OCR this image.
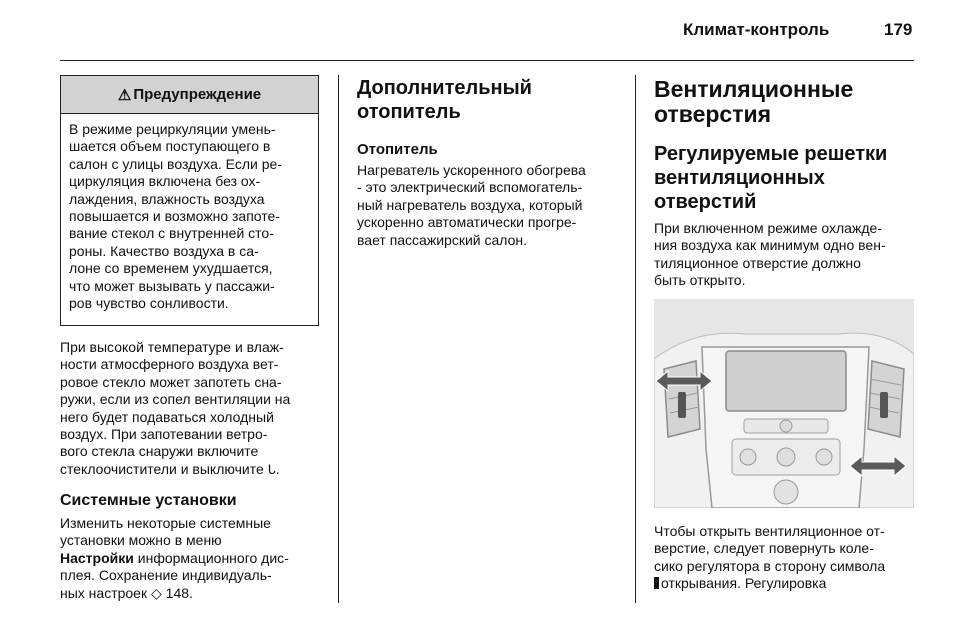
Климат-контроль	179
⚠ Предупреждение

В режиме рециркуляции умень-
шается объем поступающего в
салон с улицы воздуха. Если ре-
циркуляция включена без ох-
лаждения, влажность воздуха
повышается и возможно запоте-
вание стекол с внутренней сто-
роны. Качество воздуха в са-
лоне со временем ухудшается,
что может вызывать у пассажи-
ров чувство сонливости.

При высокой температуре и влаж-
ности атмосферного воздуха вет-
ровое стекло может запотеть сна-
ружи, если из сопел вентиляции на
него будет подаваться холодный
воздух. При запотевании ветро-
вого стекла снаружи включите
стеклоочистители и выключите ᒐ.

Системные установки

Изменить некоторые системные
установки можно в меню
Настройки информационного дис-
плея. Сохранение индивидуаль-
ных настроек ◇ 148.

Дополнительный
отопитель
Отопитель

Нагреватель ускоренного обогрева
- это электрический вспомогатель-
ный нагреватель воздуха, который
ускоренно автоматически прогре-
вает пассажирский салон.

Вентиляционные
отверстия
Регулируемые решетки
вентиляционных
отверстий

При включенном режиме охлажде-
ния воздуха как минимум одно вен-
тиляционное отверстие должно
быть открыто.

Чтобы открыть вентиляционное от-
верстие, следует повернуть коле-
сико регулятора в сторону символа
открывания. Регулировка
